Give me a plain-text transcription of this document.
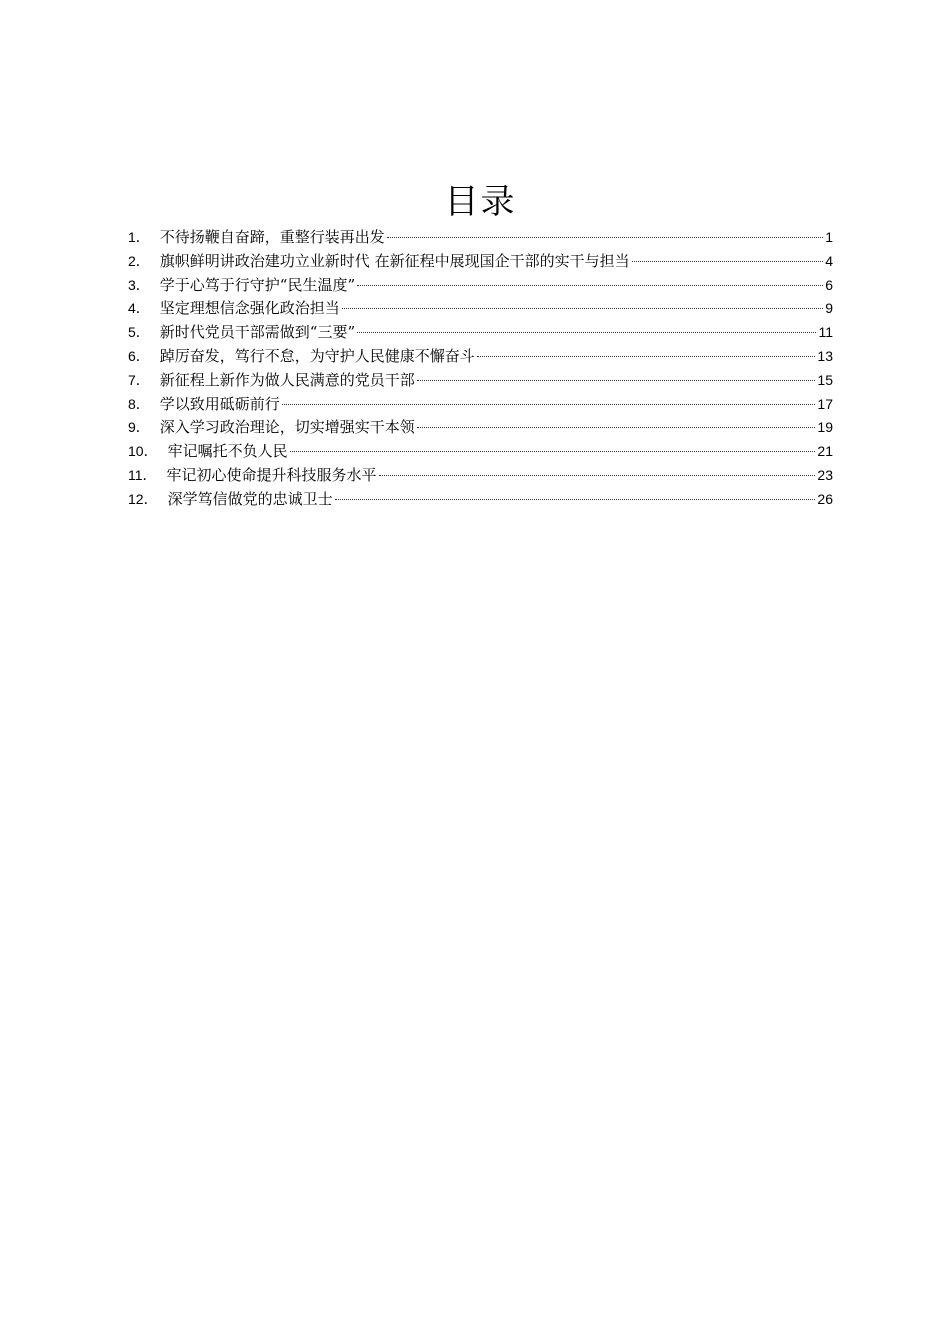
目录
1． 不待扬鞭自奋蹄，重整行装再出发	1
2． 旗帜鲜明讲政治建功立业新时代 在新征程中展现国企干部的实干与担当	4
3． 学于心笃于行守护“民生温度”	6
4． 坚定理想信念强化政治担当	9
5． 新时代党员干部需做到“三要”	11
6． 踔厉奋发，笃行不怠，为守护人民健康不懈奋斗	13
7． 新征程上新作为做人民满意的党员干部	15
8． 学以致用砥砺前行	17
9． 深入学习政治理论，切实增强实干本领	19
10． 牢记嘱托不负人民	21
11． 牢记初心使命提升科技服务水平	23
12． 深学笃信做党的忠诚卫士	26
